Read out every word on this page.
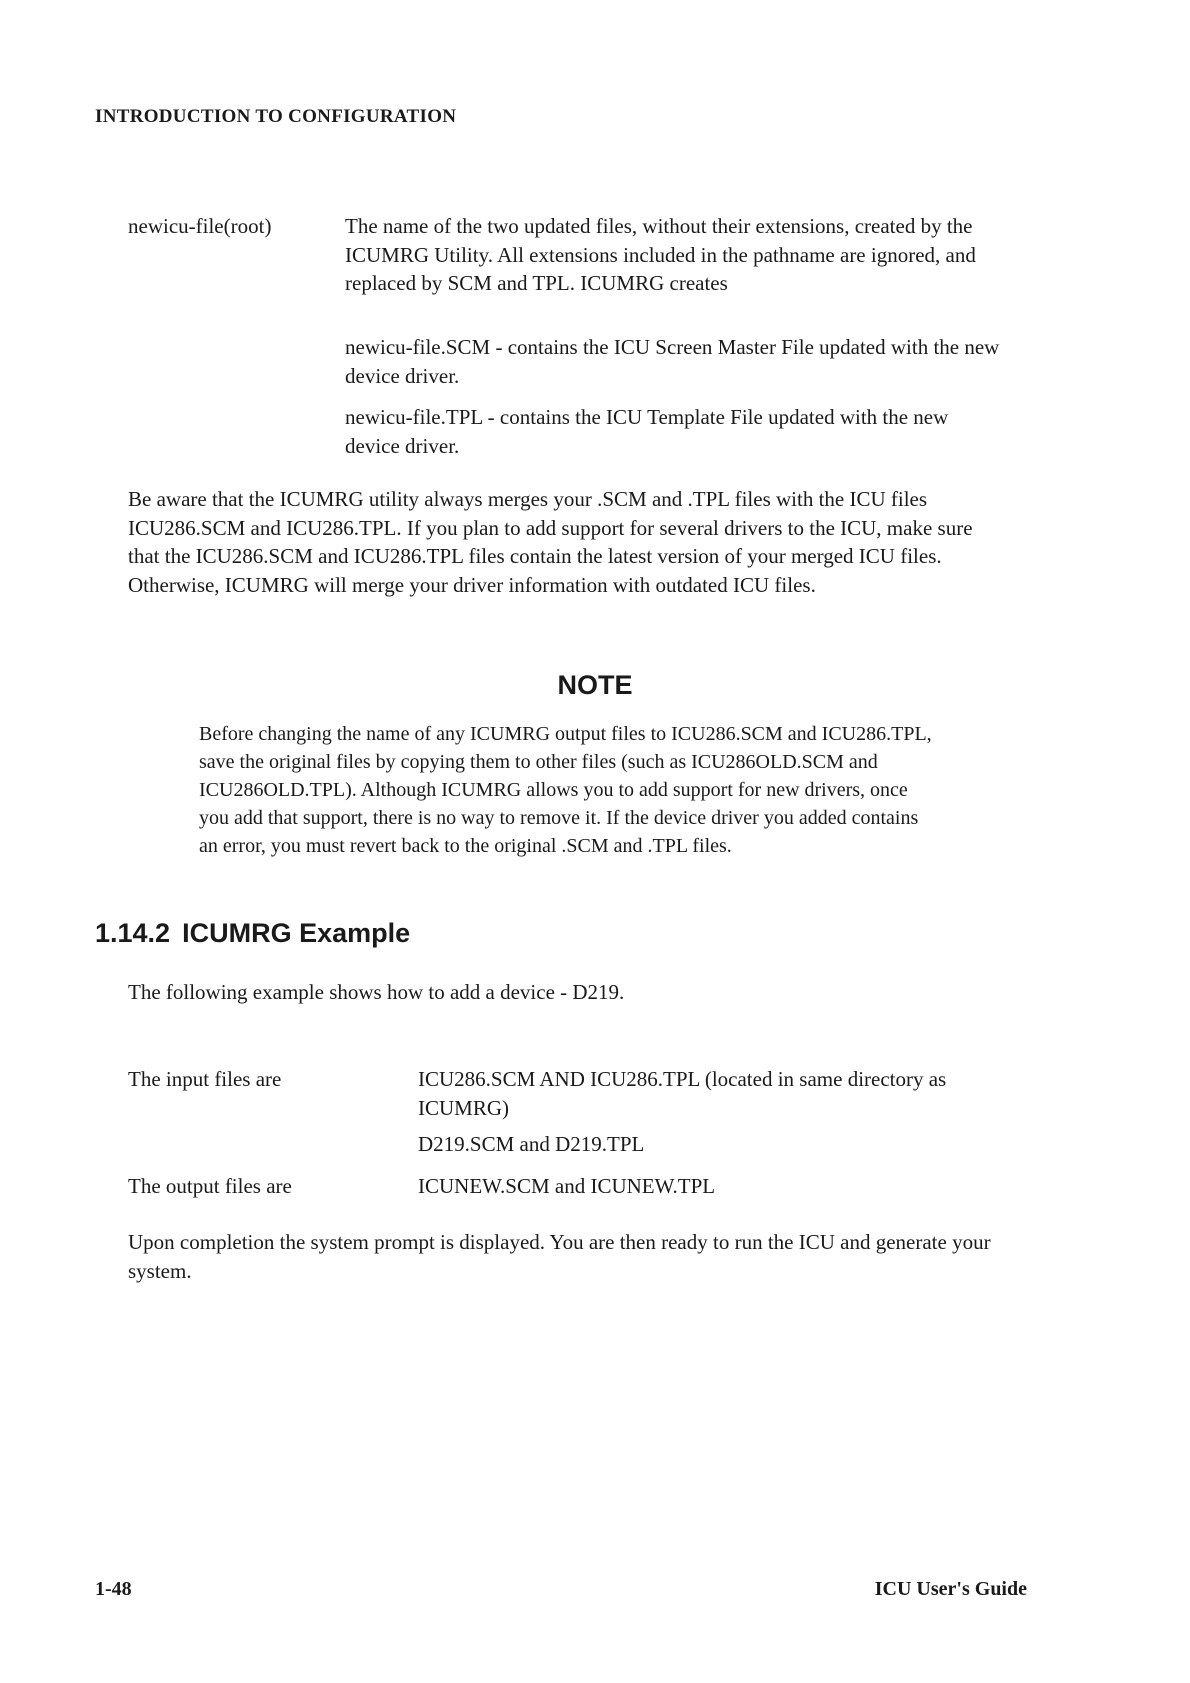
INTRODUCTION TO CONFIGURATION
newicu-file(root)	The name of the two updated files, without their extensions, created by the ICUMRG Utility. All extensions included in the pathname are ignored, and replaced by SCM and TPL. ICUMRG creates

newicu-file.SCM - contains the ICU Screen Master File updated with the new device driver.

newicu-file.TPL - contains the ICU Template File updated with the new device driver.

Be aware that the ICUMRG utility always merges your .SCM and .TPL files with the ICU files ICU286.SCM and ICU286.TPL. If you plan to add support for several drivers to the ICU, make sure that the ICU286.SCM and ICU286.TPL files contain the latest version of your merged ICU files. Otherwise, ICUMRG will merge your driver information with outdated ICU files.

NOTE

Before changing the name of any ICUMRG output files to ICU286.SCM and ICU286.TPL, save the original files by copying them to other files (such as ICU286OLD.SCM and ICU286OLD.TPL). Although ICUMRG allows you to add support for new drivers, once you add that support, there is no way to remove it. If the device driver you added contains an error, you must revert back to the original .SCM and .TPL files.

1.14.2 ICUMRG Example

The following example shows how to add a device - D219.

The input files are	ICU286.SCM AND ICU286.TPL (located in same directory as ICUMRG)

D219.SCM and D219.TPL

The output files are	ICUNEW.SCM and ICUNEW.TPL

Upon completion the system prompt is displayed. You are then ready to run the ICU and generate your system.

1-48	ICU User's Guide
